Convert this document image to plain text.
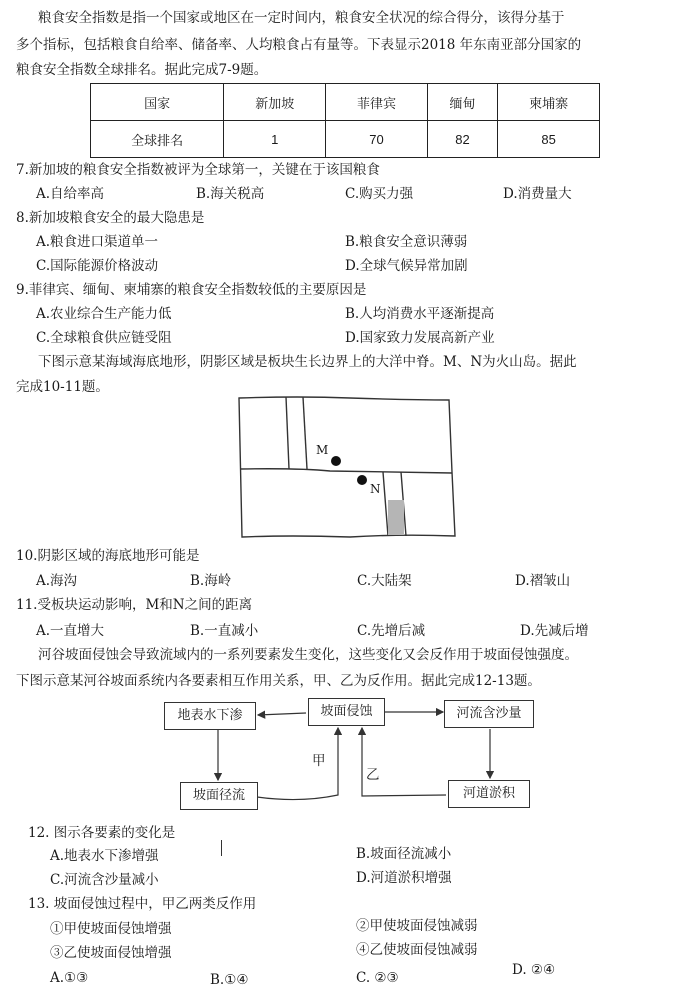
粮食安全指数是指一个国家或地区在一定时间内，粮食安全状况的综合得分，该得分基于
多个指标，包括粮食自给率、储备率、人均粮食占有量等。下表显示2018 年东南亚部分国家的
粮食安全指数全球排名。据此完成7-9题。
国家	新加坡	菲律宾	缅甸	柬埔寨
全球排名	1	70	82	85
7.新加坡的粮食安全指数被评为全球第一，关键在于该国粮食
A.自给率高	B.海关税高	C.购买力强	D.消费量大
8.新加坡粮食安全的最大隐患是
A.粮食进口渠道单一	B.粮食安全意识薄弱
C.国际能源价格波动	D.全球气候异常加剧
9.菲律宾、缅甸、柬埔寨的粮食安全指数较低的主要原因是
A.农业综合生产能力低	B.人均消费水平逐渐提高
C.全球粮食供应链受阻	D.国家致力发展高新产业
下图示意某海域海底地形，阴影区域是板块生长边界上的大洋中脊。M、N为火山岛。据此
完成10-11题。
M
N
10.阴影区域的海底地形可能是
A.海沟	B.海岭	C.大陆架	D.褶皱山
11.受板块运动影响，M和N之间的距离
A.一直增大	B.一直减小	C.先增后减	D.先减后增
河谷坡面侵蚀会导致流域内的一系列要素发生变化，这些变化又会反作用于坡面侵蚀强度。
下图示意某河谷坡面系统内各要素相互作用关系，甲、乙为反作用。据此完成12-13题。
地表水下渗	坡面侵蚀	河流含沙量
坡面径流	河道淤积
甲
乙
12. 图示各要素的变化是
A.地表水下渗增强	B.坡面径流减小
C.河流含沙量减小	D.河道淤积增强
13. 坡面侵蚀过程中，甲乙两类反作用
①甲使坡面侵蚀增强	②甲使坡面侵蚀减弱
③乙使坡面侵蚀增强	④乙使坡面侵蚀减弱
A.①③	B.①④	C. ②③	D. ②④
